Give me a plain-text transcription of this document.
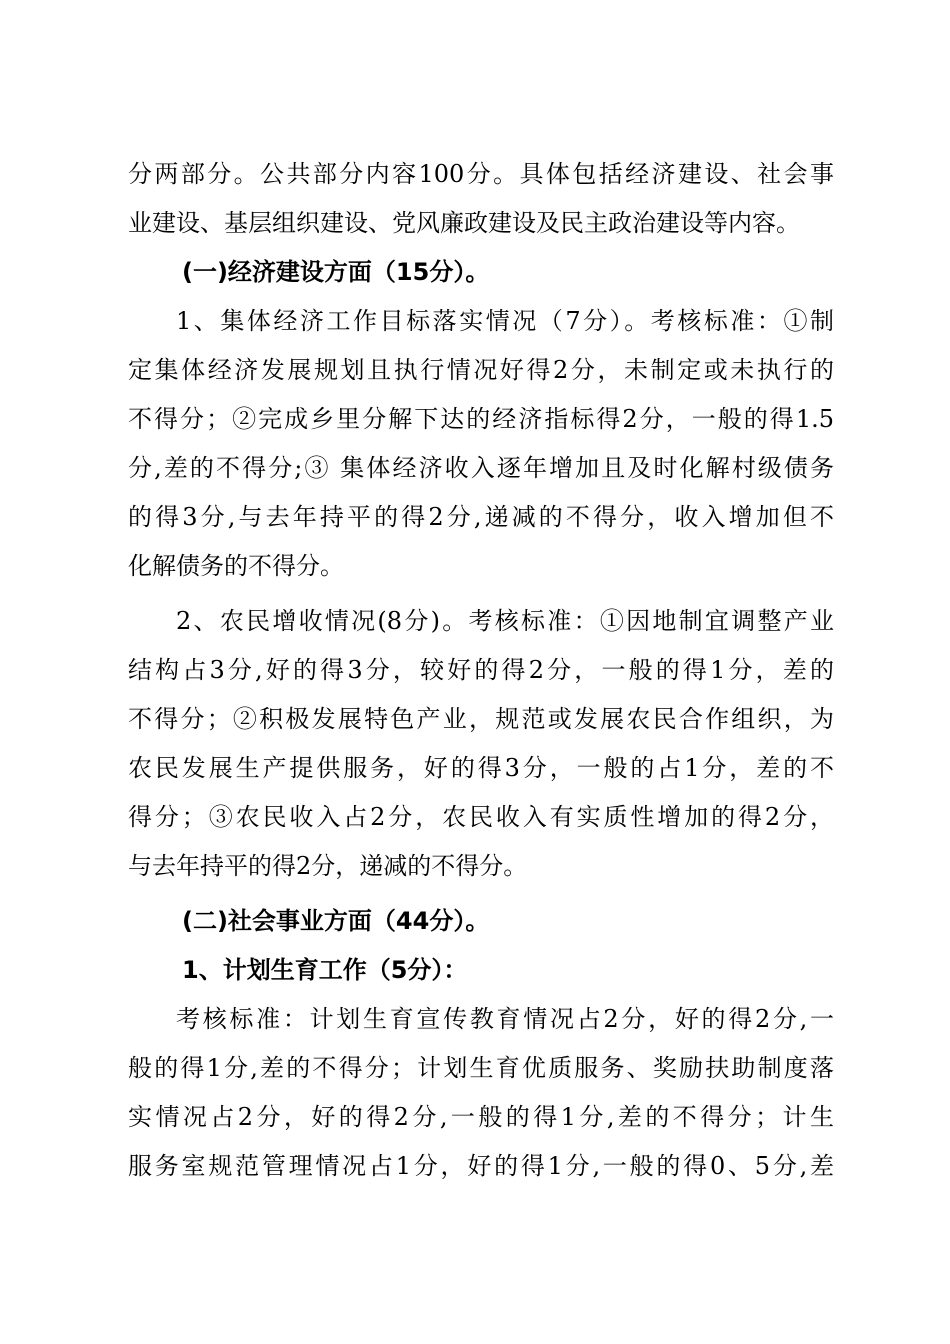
分两部分。公共部分内容100分。具体包括经济建设、社会事
业建设、基层组织建设、党风廉政建设及民主政治建设等内容。
(一)经济建设方面（15分）。
1、集体经济工作目标落实情况（7分）。考核标准：①制
定集体经济发展规划且执行情况好得2分，未制定或未执行的
不得分；②完成乡里分解下达的经济指标得2分，一般的得1.5
分,差的不得分;③ 集体经济收入逐年增加且及时化解村级债务
的得3分,与去年持平的得2分,递减的不得分，收入增加但不
化解债务的不得分。
2、农民增收情况(8分)。考核标准：①因地制宜调整产业
结构占3分,好的得3分，较好的得2分，一般的得1分，差的
不得分；②积极发展特色产业，规范或发展农民合作组织，为
农民发展生产提供服务，好的得3分，一般的占1分，差的不
得分；③农民收入占2分，农民收入有实质性增加的得2分，
与去年持平的得2分，递减的不得分。
(二)社会事业方面（44分）。
1、计划生育工作（5分）：
考核标准：计划生育宣传教育情况占2分，好的得2分,一
般的得1分,差的不得分；计划生育优质服务、奖励扶助制度落
实情况占2分，好的得2分,一般的得1分,差的不得分；计生
服务室规范管理情况占1分，好的得1分,一般的得0、5分,差
